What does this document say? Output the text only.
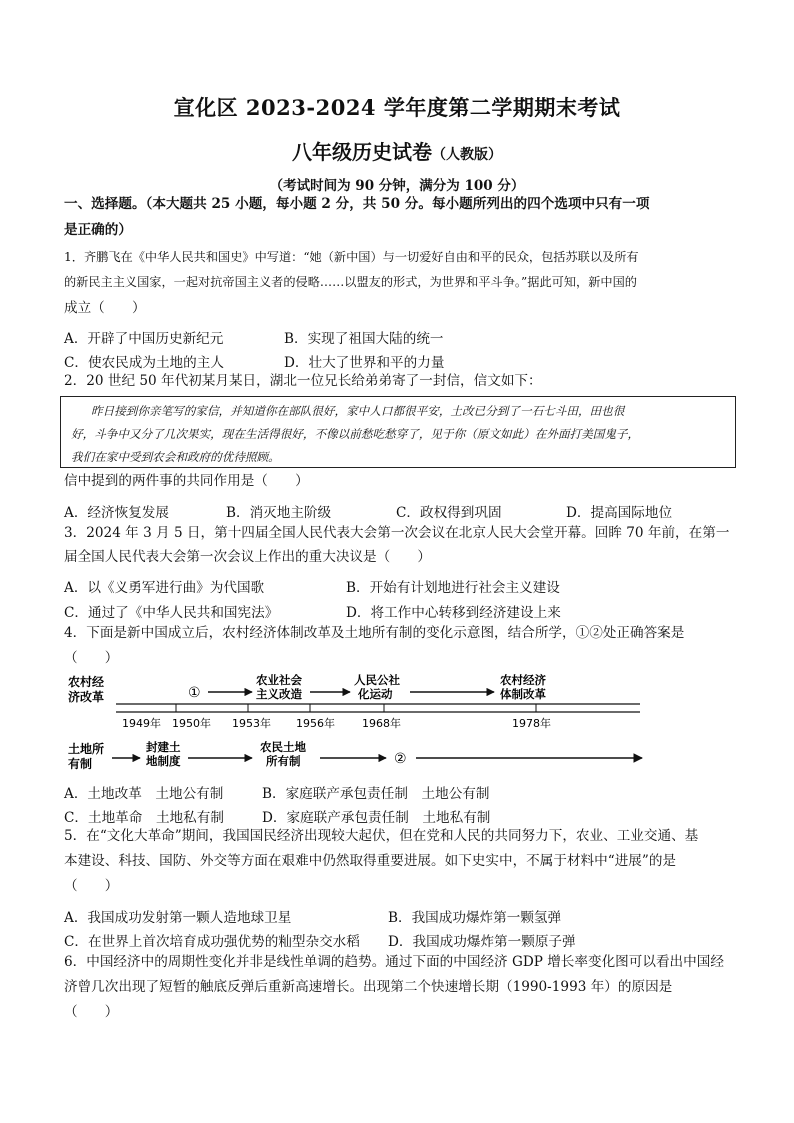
宣化区 2023-2024 学年度第二学期期末考试
八年级历史试卷（人教版）
（考试时间为 90 分钟，满分为 100 分）
一、选择题。（本大题共 25 小题，每小题 2 分，共 50 分。每小题所列出的四个选项中只有一项
是正确的）
1．齐鹏飞在《中华人民共和国史》中写道：“她（新中国）与一切爱好自由和平的民众，包括苏联以及所有
的新民主主义国家，一起对抗帝国主义者的侵略……以盟友的形式，为世界和平斗争。”据此可知，新中国的
成立（　　）
A．开辟了中国历史新纪元	B．实现了祖国大陆的统一
C．使农民成为土地的主人	D．壮大了世界和平的力量
2．20 世纪 50 年代初某月某日，湖北一位兄长给弟弟寄了一封信，信文如下：
昨日接到你亲笔写的家信，并知道你在部队很好，家中人口都很平安，土改已分到了一石七斗田，田也很
好，斗争中又分了几次果实，现在生活得很好，不像以前愁吃愁穿了，见于你（原文如此）在外面打美国鬼子，
我们在家中受到农会和政府的优待照顾。
信中提到的两件事的共同作用是（　　）
A．经济恢复发展	B．消灭地主阶级	C．政权得到巩固	D．提高国际地位
3．2024 年 3 月 5 日，第十四届全国人民代表大会第一次会议在北京人民大会堂开幕。回眸 70 年前，在第一
届全国人民代表大会第一次会议上作出的重大决议是（　　）
A．以《义勇军进行曲》为代国歌	B．开始有计划地进行社会主义建设
C．通过了《中华人民共和国宪法》	D．将工作中心转移到经济建设上来
4．下面是新中国成立后，农村经济体制改革及土地所有制的变化示意图，结合所学，①②处正确答案是
（　　）
农村经
济改革	①
农业社会
主义改造
人民公社
化运动
农村经济
体制改革
1949年 1950年 1953年 1956年 1968年	1978年
土地所
有制
封建土
地制度
农民土地
所有制	②
A．土地改革　土地公有制	B．家庭联产承包责任制　土地公有制
C．土地革命　土地私有制	D．家庭联产承包责任制　土地私有制
5．在“文化大革命”期间，我国国民经济出现较大起伏，但在党和人民的共同努力下，农业、工业交通、基
本建设、科技、国防、外交等方面在艰难中仍然取得重要进展。如下史实中，不属于材料中“进展”的是
（　　）
A．我国成功发射第一颗人造地球卫星	B．我国成功爆炸第一颗氢弹
C．在世界上首次培育成功强优势的籼型杂交水稻 D．我国成功爆炸第一颗原子弹
6．中国经济中的周期性变化并非是线性单调的趋势。通过下面的中国经济 GDP 增长率变化图可以看出中国经
济曾几次出现了短暂的触底反弹后重新高速增长。出现第二个快速增长期（1990-1993 年）的原因是
（　　）
